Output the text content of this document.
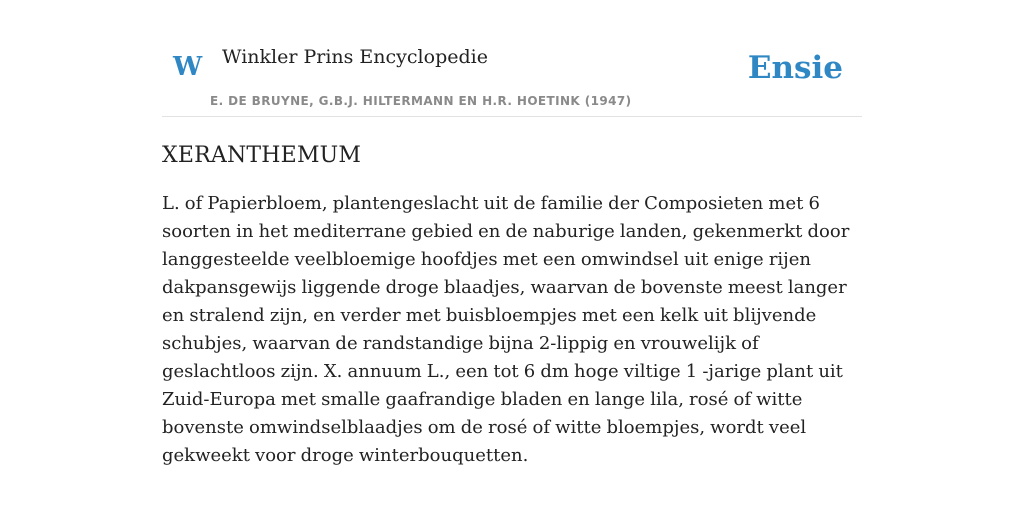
W Winkler Prins Encyclopedie
E. DE BRUYNE, G.B.J. HILTERMANN EN H.R. HOETINK (1947)
Ensie
XERANTHEMUM

L. of Papierbloem, plantengeslacht uit de familie der Composieten met 6 soorten in het mediterrane gebied en de naburige landen, gekenmerkt door langgesteelde veelbloemige hoofdjes met een omwindsel uit enige rijen dakpansgewijs liggende droge blaadjes, waarvan de bovenste meest langer en stralend zijn, en verder met buisbloempjes met een kelk uit blijvende schubjes, waarvan de randstandige bijna 2-lippig en vrouwelijk of geslachtloos zijn. X. annuum L., een tot 6 dm hoge viltige 1 -jarige plant uit Zuid-Europa met smalle gaafrandige bladen en lange lila, rosé of witte bovenste omwindselblaadjes om de rosé of witte bloempjes, wordt veel gekweekt voor droge winterbouquetten.
